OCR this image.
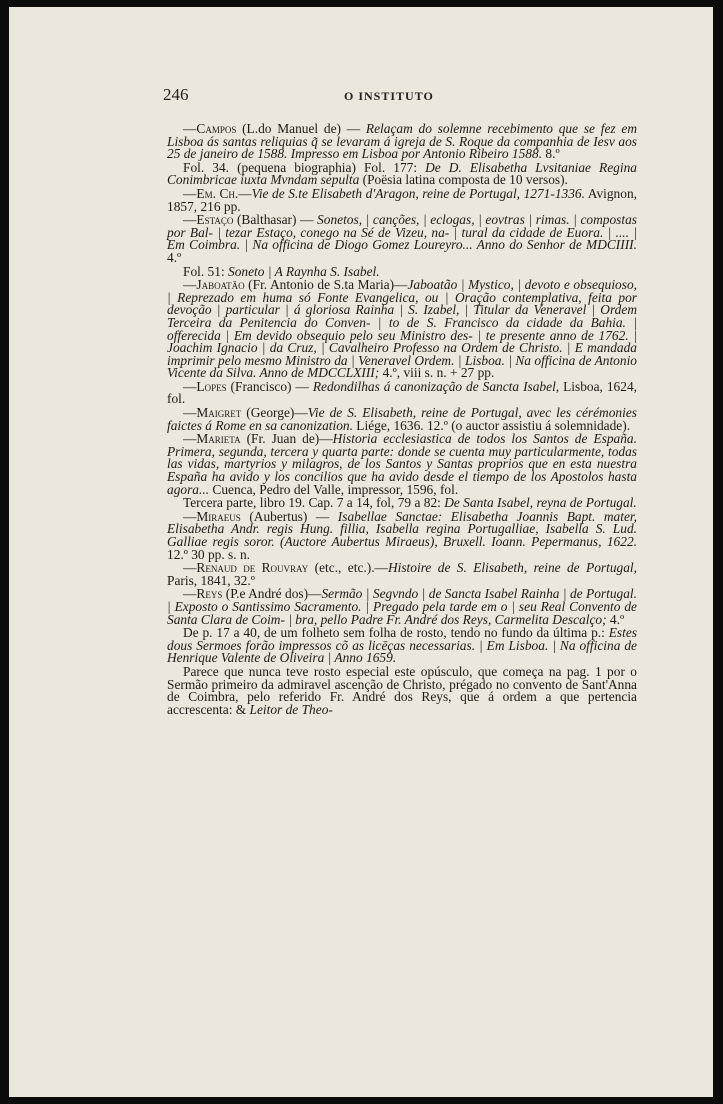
246	O INSTITUTO

—Campos (L.do Manuel de) — Relaçam do solemne recebimento que se fez em Lisboa ás santas reliquias q̃ se levaram á igreja de S. Roque da companhia de Iesv aos 25 de janeiro de 1588. Impresso em Lisboa por Antonio Ribeiro 1588. 8.º

Fol. 34. (pequena biographia) Fol. 177: De D. Elisabetha Lvsitaniae Regina Conimbricae iuxta Mvndam sepulta (Poësia latina composta de 10 versos).

—Em. Ch.—Vie de S.te Elisabeth d'Aragon, reine de Portugal, 1271-1336. Avignon, 1857, 216 pp.

—Estaço (Balthasar) — Sonetos, | canções, | eclogas, | eovtras | rimas. | compostas por Bal- | tezar Estaço, conego na Sé de Vizeu, na- | tural da cidade de Euora. | .... | Em Coimbra. | Na officina de Diogo Gomez Loureyro... Anno do Senhor de MDCIIII. 4.º

Fol. 51: Soneto | A Raynha S. Isabel.

—Jaboatão (Fr. Antonio de S.ta Maria)—Jaboatão | Mystico, | devoto e obsequioso, | Reprezado em huma só Fonte Evangelica, ou | Oração contemplativa, feita por devoção | particular | á gloriosa Rainha | S. Izabel, | Titular da Veneravel | Ordem Terceira da Penitencia do Conven- | to de S. Francisco da cidade da Bahia. | offerecida | Em devido obsequio pelo seu Ministro des- | te presente anno de 1762. | Joachim Ignacio | da Cruz, | Cavalheiro Professo na Ordem de Christo. | E mandada imprimir pelo mesmo Ministro da | Veneravel Ordem. | Lisboa. | Na officina de Antonio Vicente da Silva. Anno de MDCCLXIII; 4.º, viii s. n. + 27 pp.

—Lopes (Francisco) — Redondilhas á canonização de Sancta Isabel, Lisboa, 1624, fol.

—Maigret (George)—Vie de S. Elisabeth, reine de Portugal, avec les cérémonies faictes á Rome en sa canonization. Liége, 1636. 12.º (o auctor assistiu á solemnidade).

—Marieta (Fr. Juan de)—Historia ecclesiastica de todos los Santos de España. Primera, segunda, tercera y quarta parte: donde se cuenta muy particularmente, todas las vidas, martyrios y milagros, de los Santos y Santas proprios que en esta nuestra España ha avido y los concilios que ha avido desde el tiempo de los Apostolos hasta agora... Cuenca, Pedro del Valle, impressor, 1596, fol.

Tercera parte, libro 19. Cap. 7 a 14, fol, 79 a 82: De Santa Isabel, reyna de Portugal.

—Miraeus (Aubertus) — Isabellae Sanctae: Elisabetha Joannis Bapt. mater, Elisabetha Andr. regis Hung. fillia, Isabella regina Portugalliae, Isabella S. Lud. Galliae regis soror. (Auctore Aubertus Miraeus), Bruxell. Ioann. Pepermanus, 1622. 12.º 30 pp. s. n.

—Renaud de Rouvray (etc., etc.).—Histoire de S. Elisabeth, reine de Portugal, Paris, 1841, 32.º

—Reys (P.e André dos)—Sermão | Segvndo | de Sancta Isabel Rainha | de Portugal. | Exposto o Santissimo Sacramento. | Pregado pela tarde em o | seu Real Convento de Santa Clara de Coim- | bra, pello Padre Fr. André dos Reys, Carmelita Descalço; 4.º

De p. 17 a 40, de um folheto sem folha de rosto, tendo no fundo da última p.: Estes dous Sermoes forão impressos cõ as licēças necessarias. | Em Lisboa. | Na officina de Henrique Valente de Oliveira | Anno 1659.

Parece que nunca teve rosto especial este opúsculo, que começa na pag. 1 por o Sermão primeiro da admiravel ascenção de Christo, prégado no convento de Sant'Anna de Coimbra, pelo referido Fr. André dos Reys, que á ordem a que pertencia accrescenta: & Leitor de Theo-
